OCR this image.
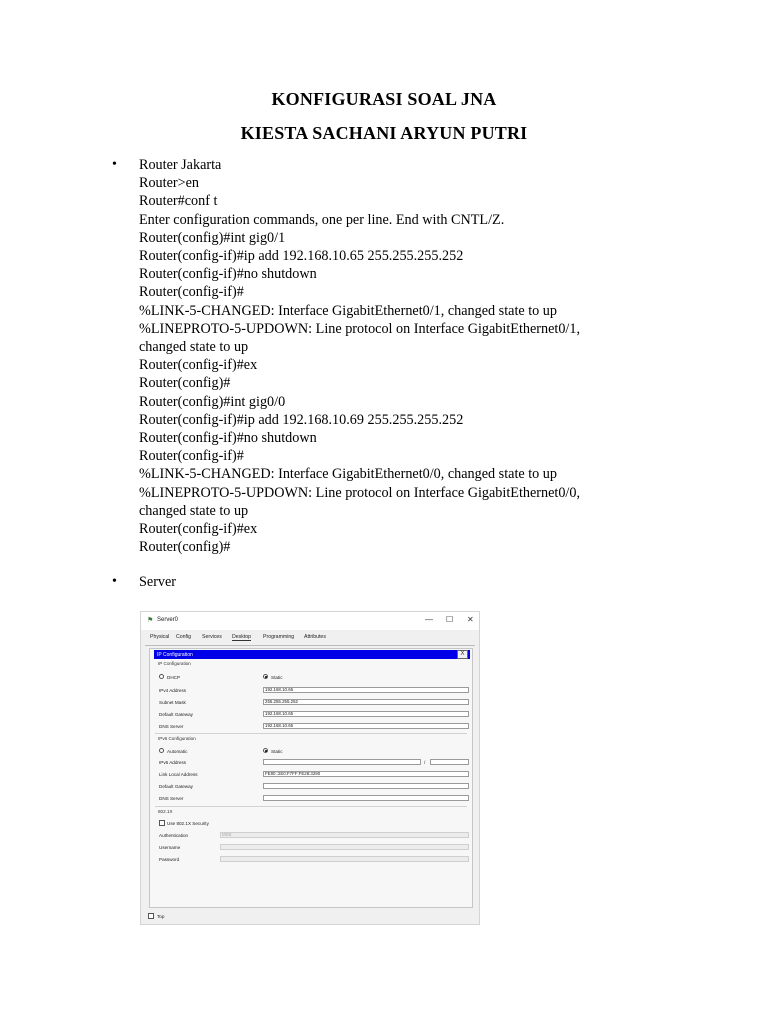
KONFIGURASI SOAL JNA
KIESTA SACHANI ARYUN PUTRI
• Router Jakarta
Router>en
Router#conf t
Enter configuration commands, one per line. End with CNTL/Z.
Router(config)#int gig0/1
Router(config-if)#ip add 192.168.10.65 255.255.255.252
Router(config-if)#no shutdown
Router(config-if)#
%LINK-5-CHANGED: Interface GigabitEthernet0/1, changed state to up
%LINEPROTO-5-UPDOWN: Line protocol on Interface GigabitEthernet0/1,
changed state to up
Router(config-if)#ex
Router(config)#
Router(config)#int gig0/0
Router(config-if)#ip add 192.168.10.69 255.255.255.252
Router(config-if)#no shutdown
Router(config-if)#
%LINK-5-CHANGED: Interface GigabitEthernet0/0, changed state to up
%LINEPROTO-5-UPDOWN: Line protocol on Interface GigabitEthernet0/0,
changed state to up
Router(config-if)#ex
Router(config)#
• Server
⚑ Server0	— ☐ ✕
Physical Config Services Desktop Programming Attributes
IP Configuration	X
IP Configuration
DHCP	Static
IPv4 Address	192.168.10.66
Subnet Mask	255.255.255.252
Default Gateway	192.168.10.65
DNS Server	192.168.10.66
IPv6 Configuration
Automatic	Static
IPv6 Address	/
Link Local Address	FE80::2E0:F7FF:FE28:3290
Default Gateway
DNS Server
802.1X
Use 802.1X Security
Authentication	MD5
Username
Password
Top
